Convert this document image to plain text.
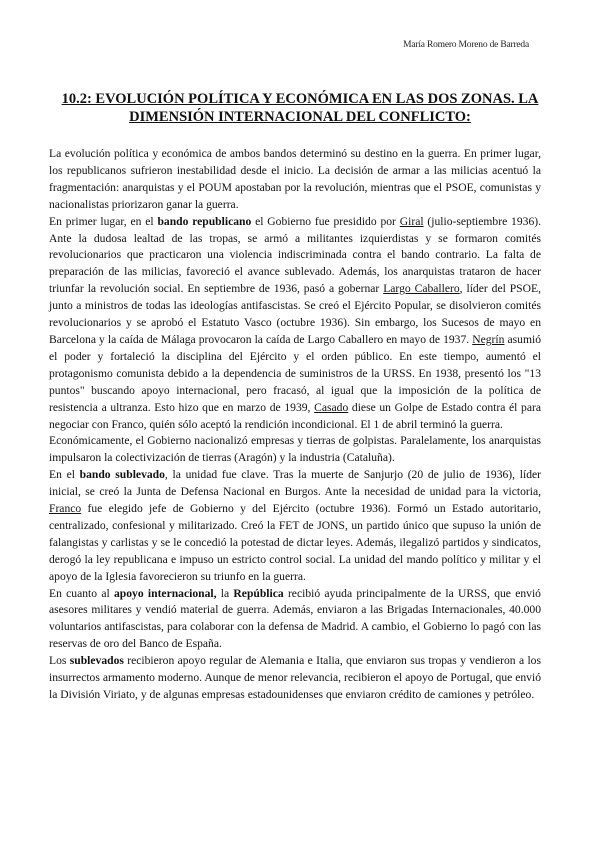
María Romero Moreno de Barreda
10.2: EVOLUCIÓN POLÍTICA Y ECONÓMICA EN LAS DOS ZONAS. LA DIMENSIÓN INTERNACIONAL DEL CONFLICTO:

La evolución política y económica de ambos bandos determinó su destino en la guerra. En primer lugar, los republicanos sufrieron inestabilidad desde el inicio. La decisión de armar a las milicias acentuó la fragmentación: anarquistas y el POUM apostaban por la revolución, mientras que el PSOE, comunistas y nacionalistas priorizaron ganar la guerra.

En primer lugar, en el bando republicano el Gobierno fue presidido por Giral (julio-septiembre 1936). Ante la dudosa lealtad de las tropas, se armó a militantes izquierdistas y se formaron comités revolucionarios que practicaron una violencia indiscriminada contra el bando contrario. La falta de preparación de las milicias, favoreció el avance sublevado. Además, los anarquistas trataron de hacer triunfar la revolución social. En septiembre de 1936, pasó a gobernar Largo Caballero, líder del PSOE, junto a ministros de todas las ideologías antifascistas. Se creó el Ejército Popular, se disolvieron comités revolucionarios y se aprobó el Estatuto Vasco (octubre 1936). Sin embargo, los Sucesos de mayo en Barcelona y la caída de Málaga provocaron la caída de Largo Caballero en mayo de 1937. Negrín asumió el poder y fortaleció la disciplina del Ejército y el orden público. En este tiempo, aumentó el protagonismo comunista debido a la dependencia de suministros de la URSS. En 1938, presentó los "13 puntos" buscando apoyo internacional, pero fracasó, al igual que la imposición de la política de resistencia a ultranza. Esto hizo que en marzo de 1939, Casado diese un Golpe de Estado contra él para negociar con Franco, quién sólo aceptó la rendición incondicional. El 1 de abril terminó la guerra.

Económicamente, el Gobierno nacionalizó empresas y tierras de golpistas. Paralelamente, los anarquistas impulsaron la colectivización de tierras (Aragón) y la industria (Cataluña).

En el bando sublevado, la unidad fue clave. Tras la muerte de Sanjurjo (20 de julio de 1936), líder inicial, se creó la Junta de Defensa Nacional en Burgos. Ante la necesidad de unidad para la victoria, Franco fue elegido jefe de Gobierno y del Ejército (octubre 1936). Formó un Estado autoritario, centralizado, confesional y militarizado. Creó la FET de JONS, un partido único que supuso la unión de falangistas y carlistas y se le concedió la potestad de dictar leyes. Además, ilegalizó partidos y sindicatos, derogó la ley republicana e impuso un estricto control social. La unidad del mando político y militar y el apoyo de la Iglesia favorecieron su triunfo en la guerra.

En cuanto al apoyo internacional, la República recibió ayuda principalmente de la URSS, que envió asesores militares y vendió material de guerra. Además, enviaron a las Brigadas Internacionales, 40.000 voluntarios antifascistas, para colaborar con la defensa de Madrid. A cambio, el Gobierno lo pagó con las reservas de oro del Banco de España.

Los sublevados recibieron apoyo regular de Alemania e Italia, que enviaron sus tropas y vendieron a los insurrectos armamento moderno. Aunque de menor relevancia, recibieron el apoyo de Portugal, que envió la División Viriato, y de algunas empresas estadounidenses que enviaron crédito de camiones y petróleo.
